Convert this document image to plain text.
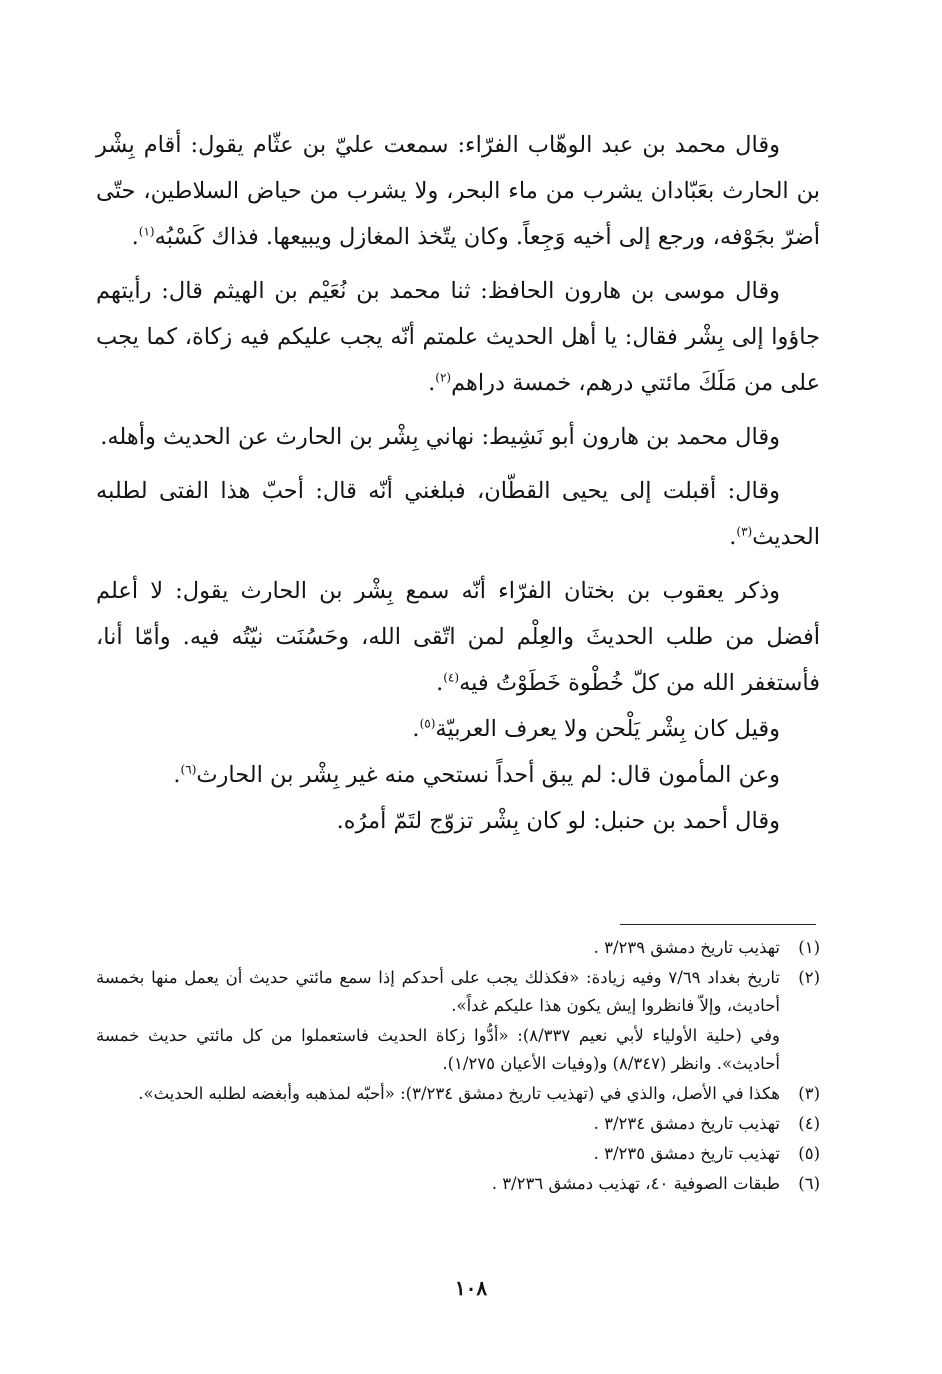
وقال محمد بن عبد الوهّاب الفرّاء: سمعت عليّ بن عثّام يقول: أقام بِشْر بن الحارث بعَبّادان يشرب من ماء البحر، ولا يشرب من حياض السلاطين، حتّى أضرّ بجَوْفه، ورجع إلى أخيه وَجِعاً. وكان يتّخذ المغازل ويبيعها. فذاك كَسْبُه$^{(١)}$.

وقال موسى بن هارون الحافظ: ثنا محمد بن نُعَيْم بن الهيثم قال: رأيتهم جاؤوا إلى بِشْر فقال: يا أهل الحديث علمتم أنّه يجب عليكم فيه زكاة، كما يجب على من مَلَكَ مائتي درهم، خمسة دراهم$^{(٢)}$.

وقال محمد بن هارون أبو نَشِيط: نهاني بِشْر بن الحارث عن الحديث وأهله.

وقال: أقبلت إلى يحيى القطّان، فبلغني أنّه قال: أحبّ هذا الفتى لطلبه الحديث$^{(٣)}$.

وذكر يعقوب بن بختان الفرّاء أنّه سمع بِشْر بن الحارث يقول: لا أعلم أفضل من طلب الحديثَ والعِلْم لمن اتّقى الله، وحَسُنَت نيّتُه فيه. وأمّا أنا، فأستغفر الله من كلّ خُطْوة خَطَوْتُ فيه$^{(٤)}$.

وقيل كان بِشْر يَلْحن ولا يعرف العربيّة$^{(٥)}$.

وعن المأمون قال: لم يبق أحداً نستحي منه غير بِشْر بن الحارث$^{(٦)}$.

وقال أحمد بن حنبل: لو كان بِشْر تزوّج لتَمّ أمرُه.

(١)
تهذيب تاريخ دمشق ٣/٢٣٩ .
(٢)
تاريخ بغداد ٧/٦٩ وفيه زيادة: «فكذلك يجب على أحدكم إذا سمع مائتي حديث أن يعمل منها بخمسة أحاديث، وإلاّ فانظروا إيش يكون هذا عليكم غداً».
وفي (حلية الأولياء لأبي نعيم ٨/٣٣٧): «أدُّوا زكاة الحديث فاستعملوا من كل مائتي حديث خمسة أحاديث». وانظر (٨/٣٤٧) و(وفيات الأعيان ١/٢٧٥).
(٣)
هكذا في الأصل، والذي في (تهذيب تاريخ دمشق ٣/٢٣٤): «أحبّه لمذهبه وأبغضه لطلبه الحديث».
(٤)
تهذيب تاريخ دمشق ٣/٢٣٤ .
(٥)
تهذيب تاريخ دمشق ٣/٢٣٥ .
(٦)
طبقات الصوفية ٤٠، تهذيب دمشق ٣/٢٣٦ .
١٠٨
